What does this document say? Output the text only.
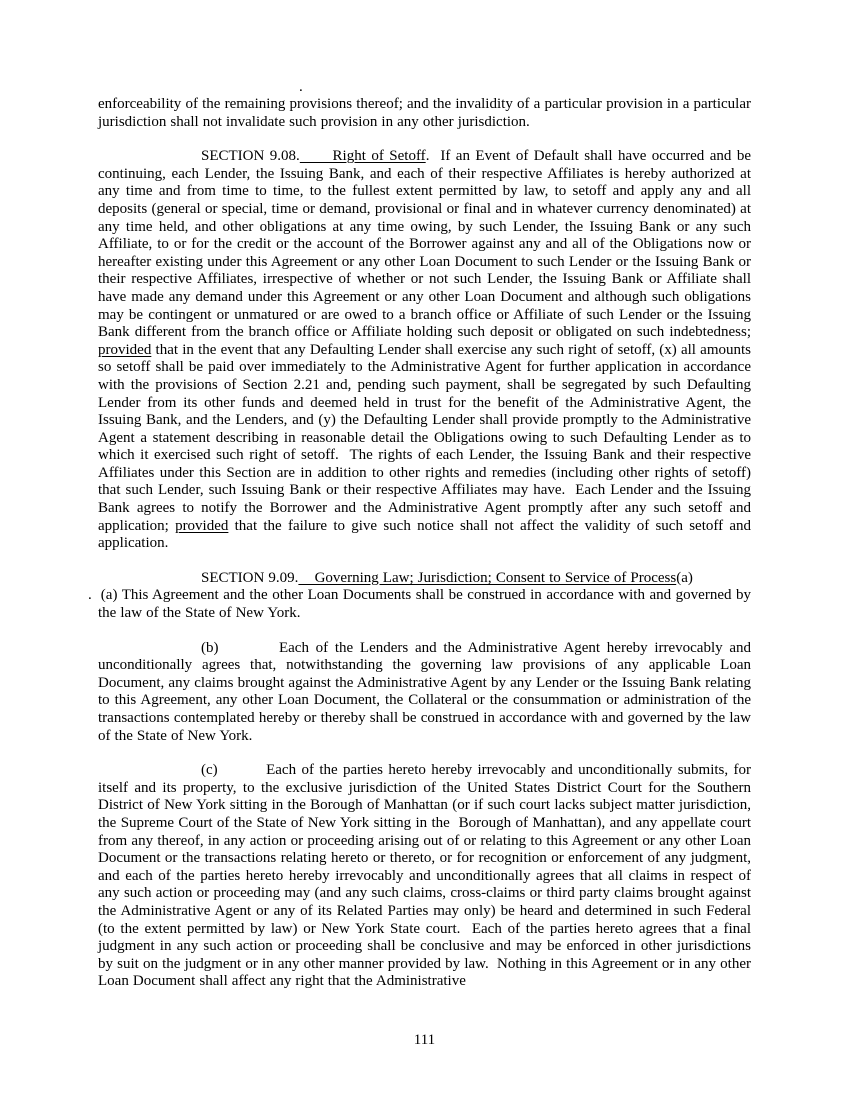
.

enforceability of the remaining provisions thereof; and the invalidity of a particular provision in a particular jurisdiction shall not invalidate such provision in any other jurisdiction.

SECTION 9.08.      Right of Setoff.  If an Event of Default shall have occurred and be continuing, each Lender, the Issuing Bank, and each of their respective Affiliates is hereby authorized at any time and from time to time, to the fullest extent permitted by law, to setoff and apply any and all deposits (general or special, time or demand, provisional or final and in whatever currency denominated) at any time held, and other obligations at any time owing, by such Lender, the Issuing Bank or any such Affiliate, to or for the credit or the account of the Borrower against any and all of the Obligations now or hereafter existing under this Agreement or any other Loan Document to such Lender or the Issuing Bank or their respective Affiliates, irrespective of whether or not such Lender, the Issuing Bank or Affiliate shall have made any demand under this Agreement or any other Loan Document and although such obligations may be contingent or unmatured or are owed to a branch office or Affiliate of such Lender or the Issuing Bank different from the branch office or Affiliate holding such deposit or obligated on such indebtedness; provided that in the event that any Defaulting Lender shall exercise any such right of setoff, (x) all amounts so setoff shall be paid over immediately to the Administrative Agent for further application in accordance with the provisions of Section 2.21 and, pending such payment, shall be segregated by such Defaulting Lender from its other funds and deemed held in trust for the benefit of the Administrative Agent, the Issuing Bank, and the Lenders, and (y) the Defaulting Lender shall provide promptly to the Administrative Agent a statement describing in reasonable detail the Obligations owing to such Defaulting Lender as to which it exercised such right of setoff.  The rights of each Lender, the Issuing Bank and their respective Affiliates under this Section are in addition to other rights and remedies (including other rights of setoff) that such Lender, such Issuing Bank or their respective Affiliates may have.  Each Lender and the Issuing Bank agrees to notify the Borrower and the Administrative Agent promptly after any such setoff and application; provided that the failure to give such notice shall not affect the validity of such setoff and application.

SECTION 9.09.    Governing Law; Jurisdiction; Consent to Service of Process(a)

.  (a) This Agreement and the other Loan Documents shall be construed in accordance with and governed by the law of the State of New York.

(b)	Each of the Lenders and the Administrative Agent hereby irrevocably and unconditionally agrees that, notwithstanding the governing law provisions of any applicable Loan Document, any claims brought against the Administrative Agent by any Lender or the Issuing Bank relating to this Agreement, any other Loan Document, the Collateral or the consummation or administration of the transactions contemplated hereby or thereby shall be construed in accordance with and governed by the law of the State of New York.

(c)	Each of the parties hereto hereby irrevocably and unconditionally submits, for itself and its property, to the exclusive jurisdiction of the United States District Court for the Southern District of New York sitting in the Borough of Manhattan (or if such court lacks subject matter jurisdiction, the Supreme Court of the State of New York sitting in the  Borough of Manhattan), and any appellate court from any thereof, in any action or proceeding arising out of or relating to this Agreement or any other Loan Document or the transactions relating hereto or thereto, or for recognition or enforcement of any judgment, and each of the parties hereto hereby irrevocably and unconditionally agrees that all claims in respect of any such action or proceeding may (and any such claims, cross-claims or third party claims brought against the Administrative Agent or any of its Related Parties may only) be heard and determined in such Federal (to the extent permitted by law) or New York State court.  Each of the parties hereto agrees that a final judgment in any such action or proceeding shall be conclusive and may be enforced in other jurisdictions by suit on the judgment or in any other manner provided by law.  Nothing in this Agreement or in any other Loan Document shall affect any right that the Administrative

111
